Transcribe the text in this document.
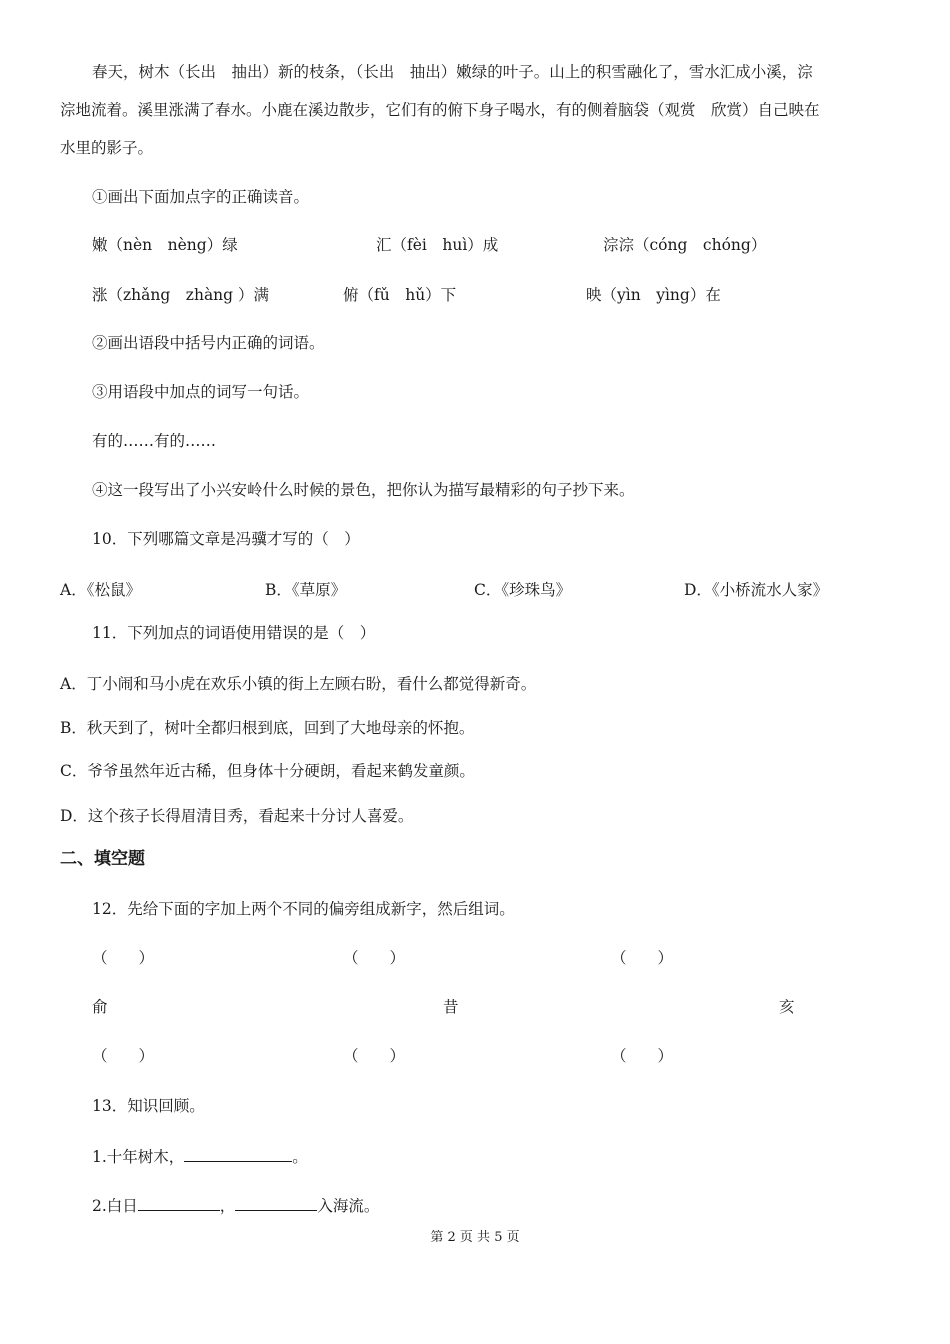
春天，树木（长出　抽出）新的枝条，（长出　抽出）嫩绿的叶子。山上的积雪融化了，雪水汇成小溪，淙
淙地流着。溪里涨满了春水。小鹿在溪边散步，它们有的俯下身子喝水，有的侧着脑袋（观赏　欣赏）自己映在
水里的影子。
①画出下面加点字的正确读音。
嫩（nèn　nèng）绿	汇（fèi　huì）成	淙淙（cóng　chóng）
涨（zhǎng　zhàng ）满	俯（fǔ　hǔ）下	映（yìn　yìng）在
②画出语段中括号内正确的词语。
③用语段中加点的词写一句话。
有的……有的……
④这一段写出了小兴安岭什么时候的景色，把你认为描写最精彩的句子抄下来。
10．下列哪篇文章是冯骥才写的（　）
A．《松鼠》	B．《草原》	C．《珍珠鸟》	D．《小桥流水人家》
11．下列加点的词语使用错误的是（　）
A．丁小闹和马小虎在欢乐小镇的街上左顾右盼，看什么都觉得新奇。
B．秋天到了，树叶全都归根到底，回到了大地母亲的怀抱。
C．爷爷虽然年近古稀，但身体十分硬朗，看起来鹤发童颜。
D．这个孩子长得眉清目秀，看起来十分讨人喜爱。
二、填空题
12．先给下面的字加上两个不同的偏旁组成新字，然后组词。
（　　）	（　　）	（　　）
俞	昔	亥
（　　）	（　　）	（　　）
13．知识回顾。
1.十年树木，	。
2.白日	，	入海流。
第 2 页 共 5 页
